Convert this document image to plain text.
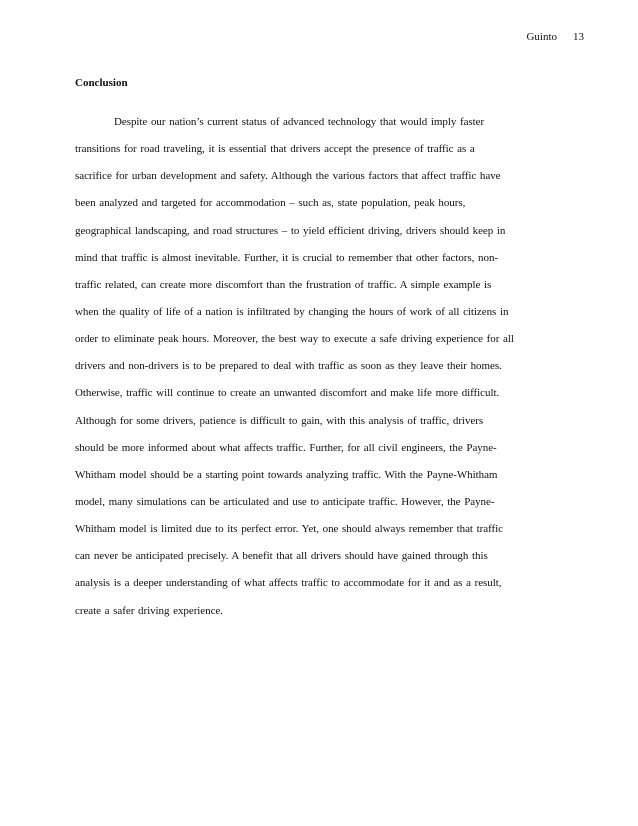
Guinto 13
Conclusion
Despite our nation’s current status of advanced technology that would imply faster
transitions for road traveling, it is essential that drivers accept the presence of traffic as a
sacrifice for urban development and safety. Although the various factors that affect traffic have
been analyzed and targeted for accommodation – such as, state population, peak hours,
geographical landscaping, and road structures – to yield efficient driving, drivers should keep in
mind that traffic is almost inevitable. Further, it is crucial to remember that other factors, non-
traffic related, can create more discomfort than the frustration of traffic. A simple example is
when the quality of life of a nation is infiltrated by changing the hours of work of all citizens in
order to eliminate peak hours. Moreover, the best way to execute a safe driving experience for all
drivers and non-drivers is to be prepared to deal with traffic as soon as they leave their homes.
Otherwise, traffic will continue to create an unwanted discomfort and make life more difficult.
Although for some drivers, patience is difficult to gain, with this analysis of traffic, drivers
should be more informed about what affects traffic. Further, for all civil engineers, the Payne-
Whitham model should be a starting point towards analyzing traffic. With the Payne-Whitham
model, many simulations can be articulated and use to anticipate traffic. However, the Payne-
Whitham model is limited due to its perfect error. Yet, one should always remember that traffic
can never be anticipated precisely. A benefit that all drivers should have gained through this
analysis is a deeper understanding of what affects traffic to accommodate for it and as a result,
create a safer driving experience.
